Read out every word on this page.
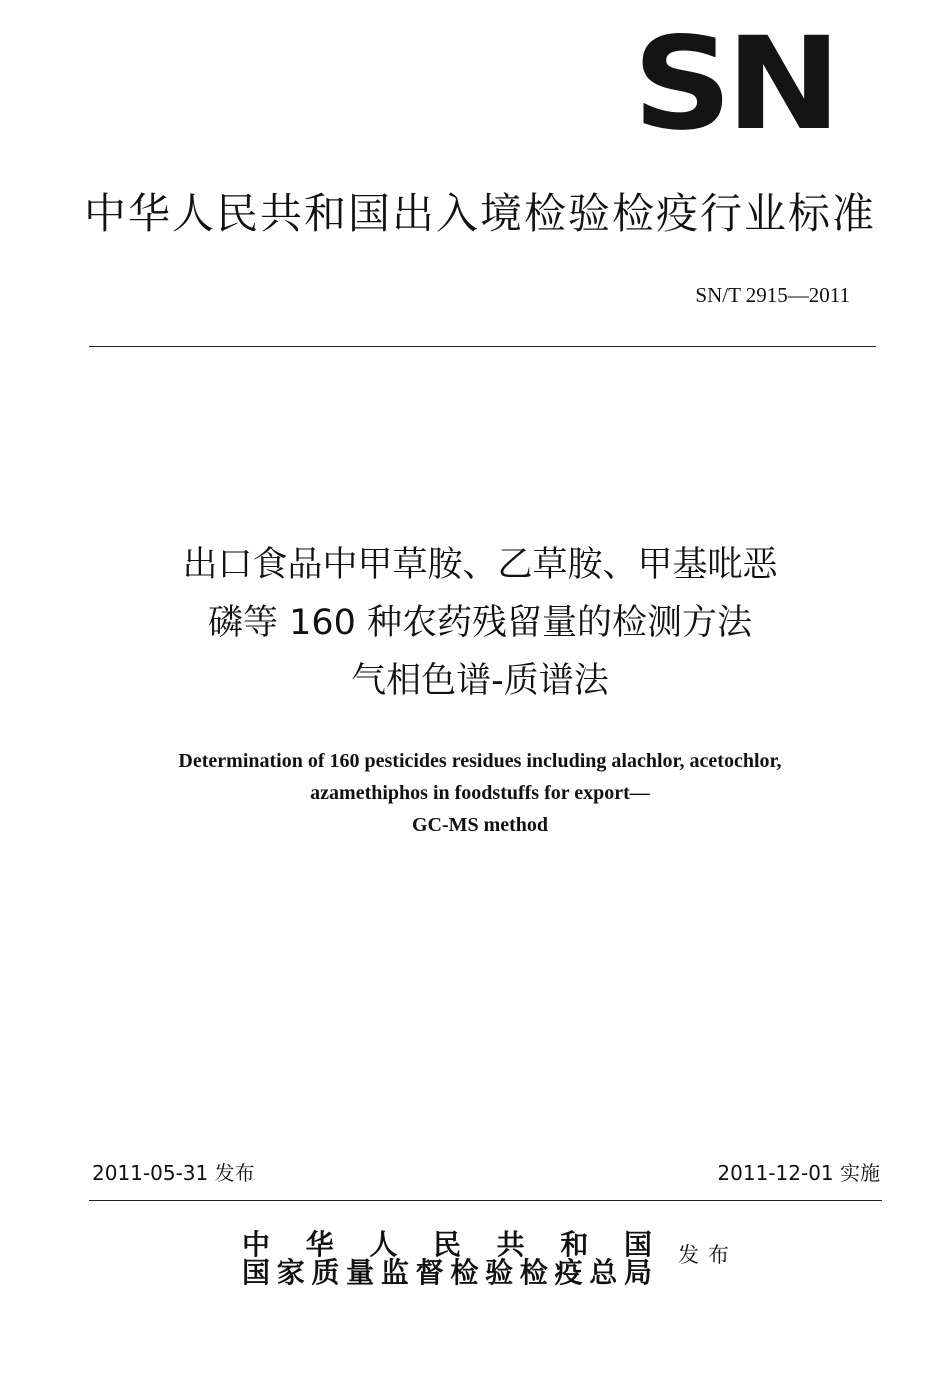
SN
中华人民共和国出入境检验检疫行业标准
SN/T 2915—2011
出口食品中甲草胺、乙草胺、甲基吡恶
磷等 160 种农药残留量的检测方法
气相色谱-质谱法
Determination of 160 pesticides residues including alachlor, acetochlor,
azamethiphos in foodstuffs for export—
GC-MS method
2011-05-31 发布	2011-12-01 实施
中 华 人 民 共 和 国
国家质量监督检验检疫总局
发布
